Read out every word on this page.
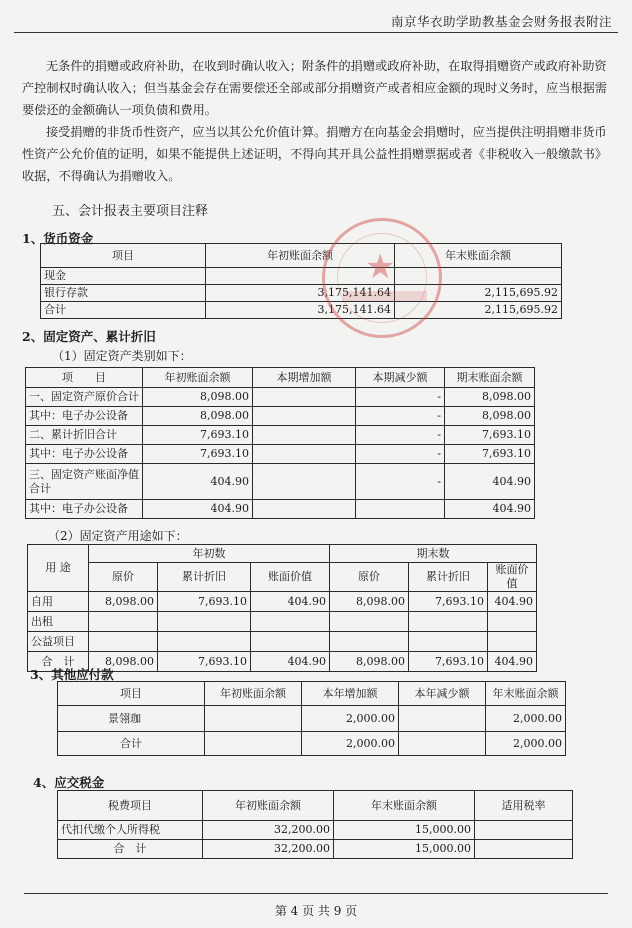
南京华衣助学助教基金会财务报表附注
无条件的捐赠或政府补助，在收到时确认收入；附条件的捐赠或政府补助，在取得捐赠资产或政府补助资产控制权时确认收入；但当基金会存在需要偿还全部或部分捐赠资产或者相应金额的现时义务时，应当根据需要偿还的金额确认一项负债和费用。
接受捐赠的非货币性资产，应当以其公允价值计算。捐赠方在向基金会捐赠时，应当提供注明捐赠非货币性资产公允价值的证明，如果不能提供上述证明，不得向其开具公益性捐赠票据或者《非税收入一般缴款书》收据，不得确认为捐赠收入。
五、会计报表主要项目注释
1、货币资金
项目	年初账面余额	年末账面余额
现金		
银行存款	3,175,141.64	2,115,695.92
合计	3,175,141.64	2,115,695.92
2、固定资产、累计折旧
（1）固定资产类别如下：
项　　目	年初账面余额	本期增加额	本期减少额	期末账面余额
一、固定资产原价合计	8,098.00		-	8,098.00
其中：电子办公设备	8,098.00		-	8,098.00
二、累计折旧合计	7,693.10		-	7,693.10
其中：电子办公设备	7,693.10		-	7,693.10
三、固定资产账面净值合计	404.90		-	404.90
其中：电子办公设备	404.90			404.90
（2）固定资产用途如下：
用 途	年初数			期末数		
	原价	累计折旧	账面价值	原价	累计折旧	账面价值
自用	8,098.00	7,693.10	404.90	8,098.00	7,693.10	404.90
出租						
公益项目						
合　计	8,098.00	7,693.10	404.90	8,098.00	7,693.10	404.90
3、其他应付款
项目	年初账面余额	本年增加额	本年减少额	年末账面余额
景翎珈		2,000.00		2,000.00
合计		2,000.00		2,000.00
4、应交税金
税费项目	年初账面余额	年末账面余额	适用税率
代扣代缴个人所得税	32,200.00	15,000.00	
合　计	32,200.00	15,000.00	
★
第 4 页 共 9 页
